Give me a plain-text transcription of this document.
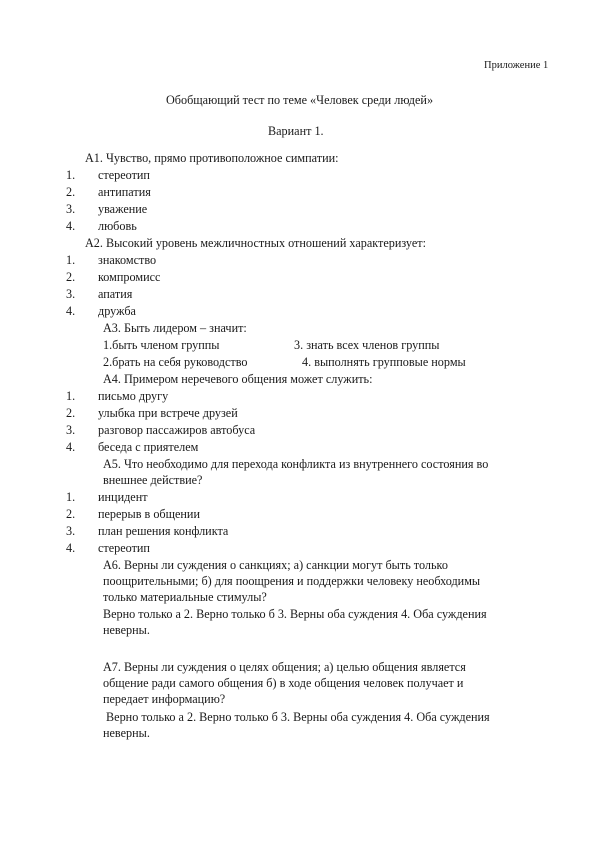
Приложение 1
Обобщающий тест по теме «Человек среди людей»
Вариант 1.
А1. Чувство, прямо противоположное симпатии:
1. стереотип
2. антипатия
3. уважение
4. любовь
А2. Высокий уровень межличностных отношений характеризует:
1. знакомство
2. компромисс
3. апатия
4. дружба
А3. Быть лидером – значит:
1.быть членом группы	3. знать всех членов группы
2.брать на себя руководство	4. выполнять групповые нормы
А4. Примером неречевого общения может служить:
1. письмо другу
2. улыбка при встрече друзей
3. разговор пассажиров автобуса
4. беседа с приятелем
А5. Что необходимо для перехода конфликта из внутреннего состояния во
внешнее действие?
1. инцидент
2. перерыв в общении
3. план решения конфликта
4. стереотип
А6. Верны ли суждения о санкциях; а) санкции могут быть только
поощрительными; б) для поощрения и поддержки человеку необходимы
только материальные стимулы?
Верно только а 2. Верно только б 3. Верны оба суждения 4. Оба суждения
неверны.
А7. Верны ли суждения о целях общения; а) целью общения является
общение ради самого общения б) в ходе общения человек получает и
передает информацию?
Верно только а 2. Верно только б 3. Верны оба суждения 4. Оба суждения
неверны.
